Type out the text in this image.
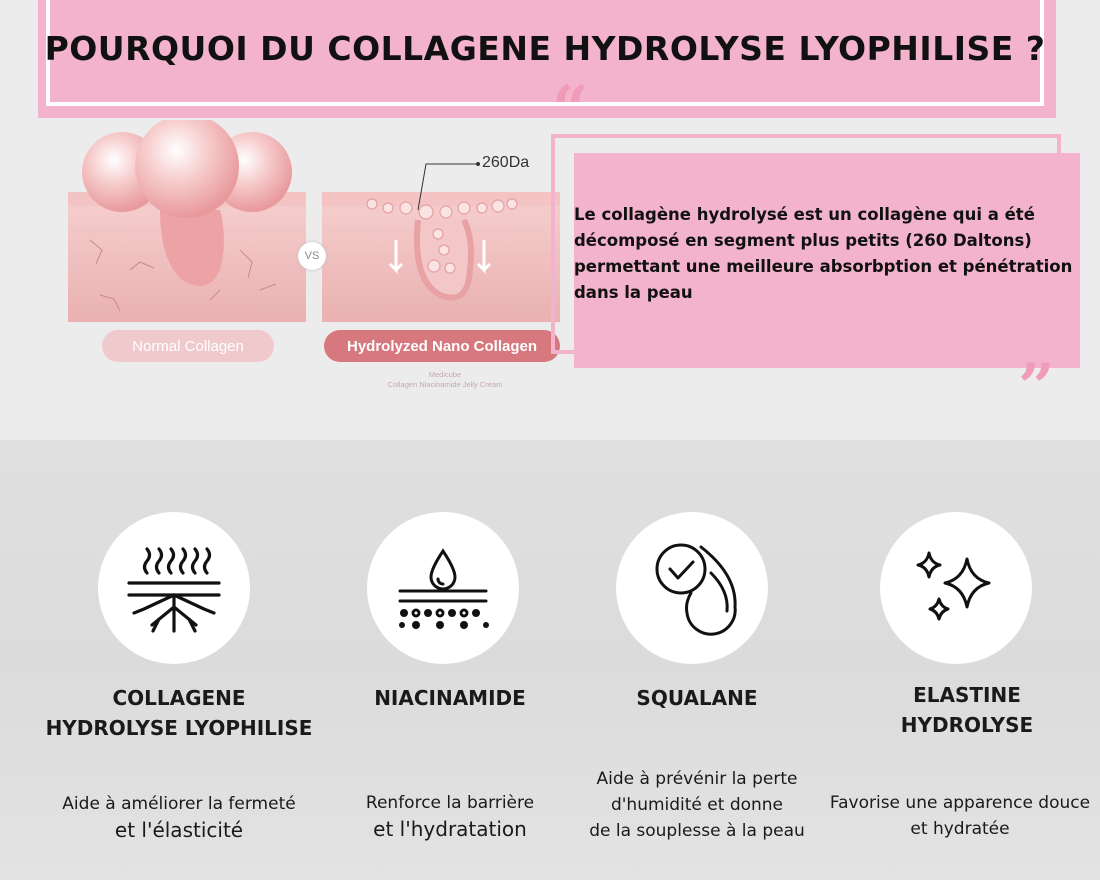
POURQUOI DU COLLAGENE HYDROLYSE LYOPHILISE ?
VS
260Da
Normal Collagen	Hydrolyzed Nano Collagen
Medicube
Collagen Niacinamide Jelly Cream
“
Le collagène hydrolysé est un collagène qui a été décomposé en segment plus petits (260 Daltons) permettant une meilleure absorbption et pénétration dans la peau
”
COLLAGENE
HYDROLYSE LYOPHILISE
Aide à améliorer la fermeté
et l'élasticité
NIACINAMIDE
Renforce la barrière
et l'hydratation
SQUALANE
Aide à prévénir la perte
d'humidité et donne
de la souplesse à la peau
ELASTINE
HYDROLYSE
Favorise une apparence douce
et hydratée
